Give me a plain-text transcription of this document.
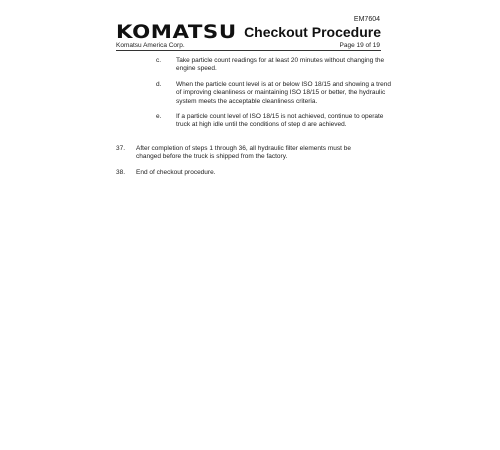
KOMATSU
Komatsu America Corp.
EM7604
Checkout Procedure
Page 19 of 19
c. Take particle count readings for at least 20 minutes without changing the engine speed.
d. When the particle count level is at or below ISO 18/15 and showing a trend of improving cleanliness or maintaining ISO 18/15 or better, the hydraulic system meets the acceptable cleanliness criteria.
e. If a particle count level of ISO 18/15 is not achieved, continue to operate truck at high idle until the conditions of step d are achieved.
37. After completion of steps 1 through 36, all hydraulic filter elements must be changed before the truck is shipped from the factory.
38. End of checkout procedure.
